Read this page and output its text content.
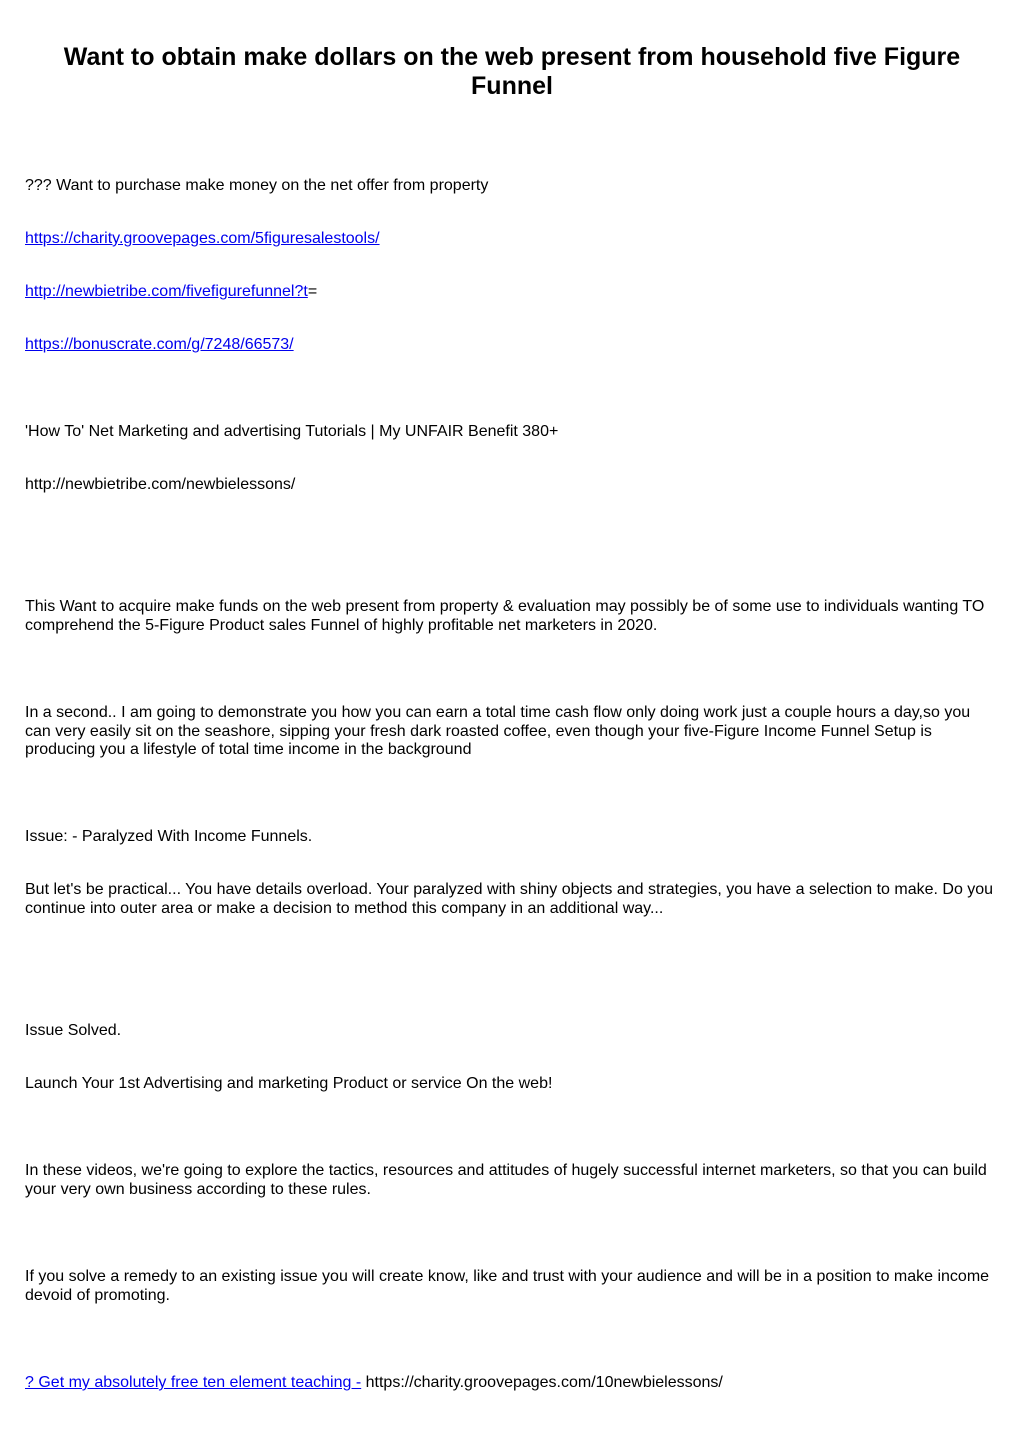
Want to obtain make dollars on the web present from household five Figure Funnel

??? Want to purchase make money on the net offer from property

https://charity.groovepages.com/5figuresalestools/

http://newbietribe.com/fivefigurefunnel?t=

https://bonuscrate.com/g/7248/66573/

'How To' Net Marketing and advertising Tutorials | My UNFAIR Benefit 380+

http://newbietribe.com/newbielessons/

This Want to acquire make funds on the web present from property & evaluation may possibly be of some use to individuals wanting TO comprehend the 5-Figure Product sales Funnel of highly profitable net marketers in 2020.

In a second.. I am going to demonstrate you how you can earn a total time cash flow only doing work just a couple hours a day,so you can very easily sit on the seashore, sipping your fresh dark roasted coffee, even though your five-Figure Income Funnel Setup is producing you a lifestyle of total time income in the background

Issue: - Paralyzed With Income Funnels.

But let's be practical... You have details overload. Your paralyzed with shiny objects and strategies, you have a selection to make. Do you continue into outer area or make a decision to method this company in an additional way...

Issue Solved.

Launch Your 1st Advertising and marketing Product or service On the web!

In these videos, we're going to explore the tactics, resources and attitudes of hugely successful internet marketers, so that you can build your very own business according to these rules.

If you solve a remedy to an existing issue you will create know, like and trust with your audience and will be in a position to make income devoid of promoting.

? Get my absolutely free ten element teaching - https://charity.groovepages.com/10newbielessons/
